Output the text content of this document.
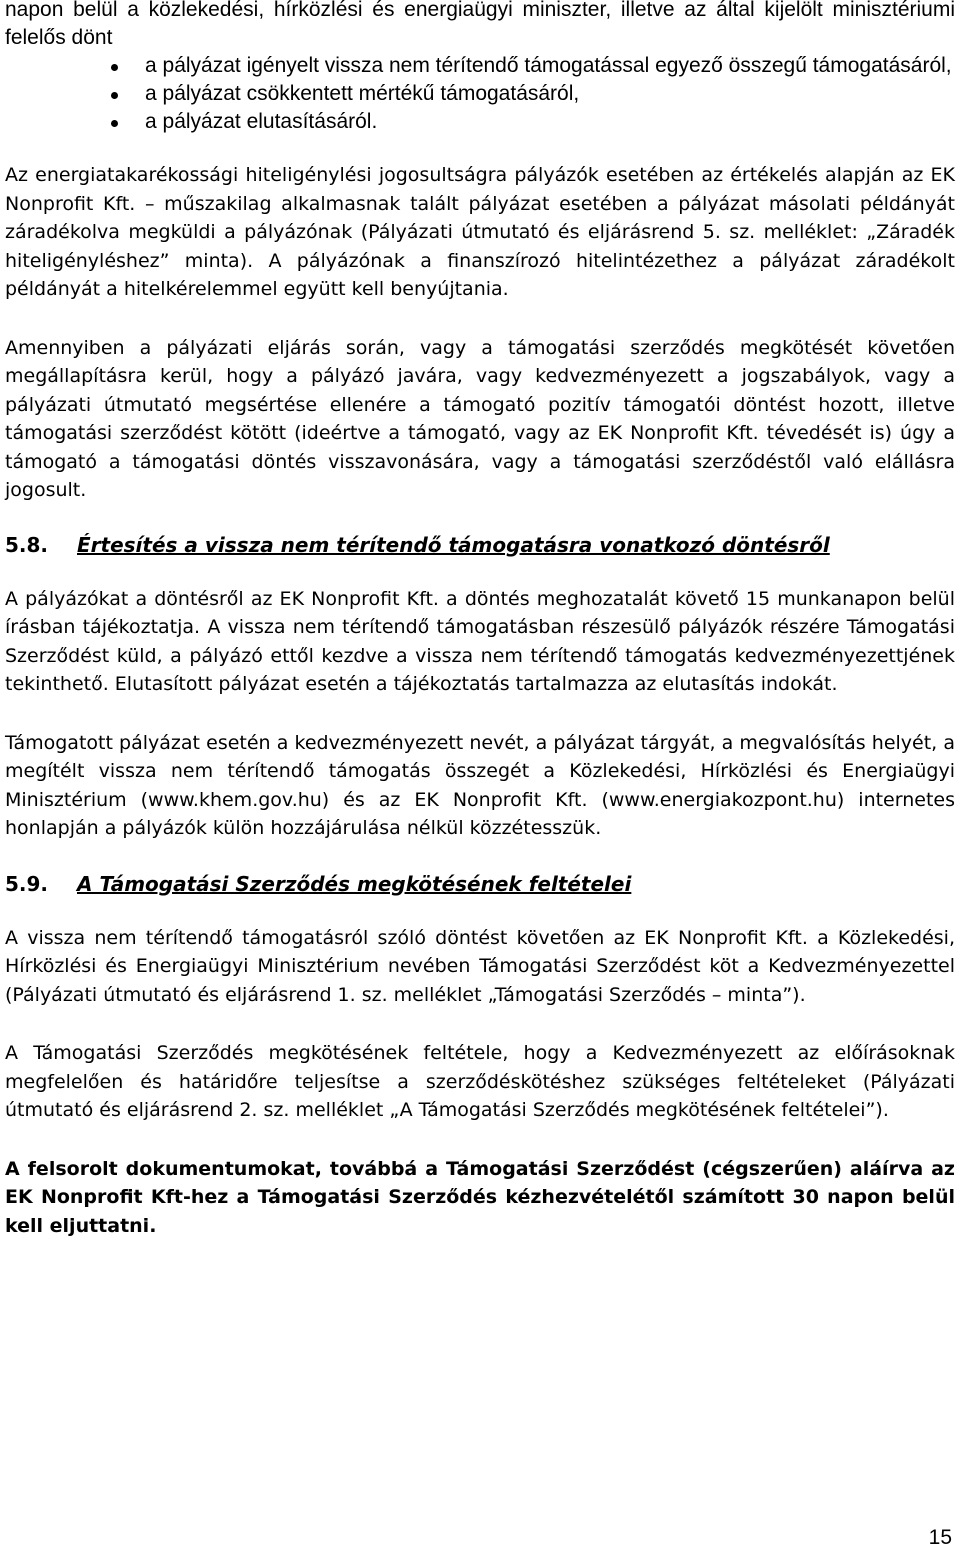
napon belül a közlekedési, hírközlési és energiaügyi miniszter, illetve az által kijelölt minisztériumi felelős dönt

a pályázat igényelt vissza nem térítendő támogatással egyező összegű támogatásáról,
a pályázat csökkentett mértékű támogatásáról,
a pályázat elutasításáról.

Az energiatakarékossági hiteligénylési jogosultságra pályázók esetében az értékelés alapján az EK Nonprofit Kft. – műszakilag alkalmasnak talált pályázat esetében a pályázat másolati példányát záradékolva megküldi a pályázónak (Pályázati útmutató és eljárásrend 5. sz. melléklet: „Záradék hiteligényléshez” minta). A pályázónak a finanszírozó hitelintézethez a pályázat záradékolt példányát a hitelkérelemmel együtt kell benyújtania.

Amennyiben a pályázati eljárás során, vagy a támogatási szerződés megkötését követően megállapításra kerül, hogy a pályázó javára, vagy kedvezményezett a jogszabályok, vagy a pályázati útmutató megsértése ellenére a támogató pozitív támogatói döntést hozott, illetve támogatási szerződést kötött (ideértve a támogató, vagy az EK Nonprofit Kft. tévedését is) úgy a támogató a támogatási döntés visszavonására, vagy a támogatási szerződéstől való elállásra jogosult.

5.8. Értesítés a vissza nem térítendő támogatásra vonatkozó döntésről

A pályázókat a döntésről az EK Nonprofit Kft. a döntés meghozatalát követő 15 munkanapon belül írásban tájékoztatja. A vissza nem térítendő támogatásban részesülő pályázók részére Támogatási Szerződést küld, a pályázó ettől kezdve a vissza nem térítendő támogatás kedvezményezettjének tekinthető. Elutasított pályázat esetén a tájékoztatás tartalmazza az elutasítás indokát.

Támogatott pályázat esetén a kedvezményezett nevét, a pályázat tárgyát, a megvalósítás helyét, a megítélt vissza nem térítendő támogatás összegét a Közlekedési, Hírközlési és Energiaügyi Minisztérium (www.khem.gov.hu) és az EK Nonprofit Kft. (www.energiakozpont.hu) internetes honlapján a pályázók külön hozzájárulása nélkül közzétesszük.

5.9. A Támogatási Szerződés megkötésének feltételei

A vissza nem térítendő támogatásról szóló döntést követően az EK Nonprofit Kft. a Közlekedési, Hírközlési és Energiaügyi Minisztérium nevében Támogatási Szerződést köt a Kedvezményezettel (Pályázati útmutató és eljárásrend 1. sz. melléklet „Támogatási Szerződés – minta”).

A Támogatási Szerződés megkötésének feltétele, hogy a Kedvezményezett az előírásoknak megfelelően és határidőre teljesítse a szerződéskötéshez szükséges feltételeket (Pályázati útmutató és eljárásrend 2. sz. melléklet „A Támogatási Szerződés megkötésének feltételei”).

A felsorolt dokumentumokat, továbbá a Támogatási Szerződést (cégszerűen) aláírva az EK Nonprofit Kft-hez a Támogatási Szerződés kézhezvételétől számított 30 napon belül kell eljuttatni.

15
